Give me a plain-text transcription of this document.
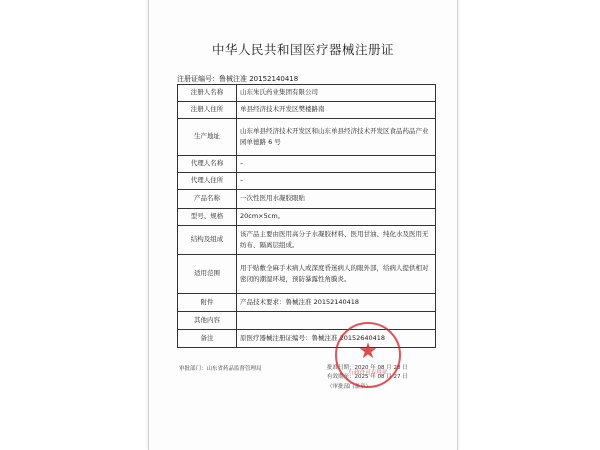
中华人民共和国医疗器械注册证
注册证编号：鲁械注准 20152140418
注册人名称	山东朱氏药业集团有限公司
注册人住所	单县经济技术开发区樊楼路南
生产地址	山东单县经济技术开发区和山东单县经济技术开发区食品药品产业园单德路 6 号
代理人名称	–
代理人住所	–
产品名称	一次性医用水凝胶眼贴
型号、规格	20cm×5cm。
结构及组成	该产品主要由医用高分子水凝胶材料、医用甘油、纯化水及医用无纺布、隔离层组成。
适用范围	用于贴敷全麻手术病人或深度昏迷病人的眼外部，给病人提供相对密闭的潮湿环境，预防暴露性角膜炎。
附件	产品技术要求：鲁械注准 20152140418
其他内容	
备注	原医疗器械注册证编号：鲁械注准 20152640418
审批部门：山东省药品监督管理局	批准日期：2020 年 08 月 28 日
有效期至：2025 年 08 月 27 日
（审批部门盖章）
★
行政许可专用章
